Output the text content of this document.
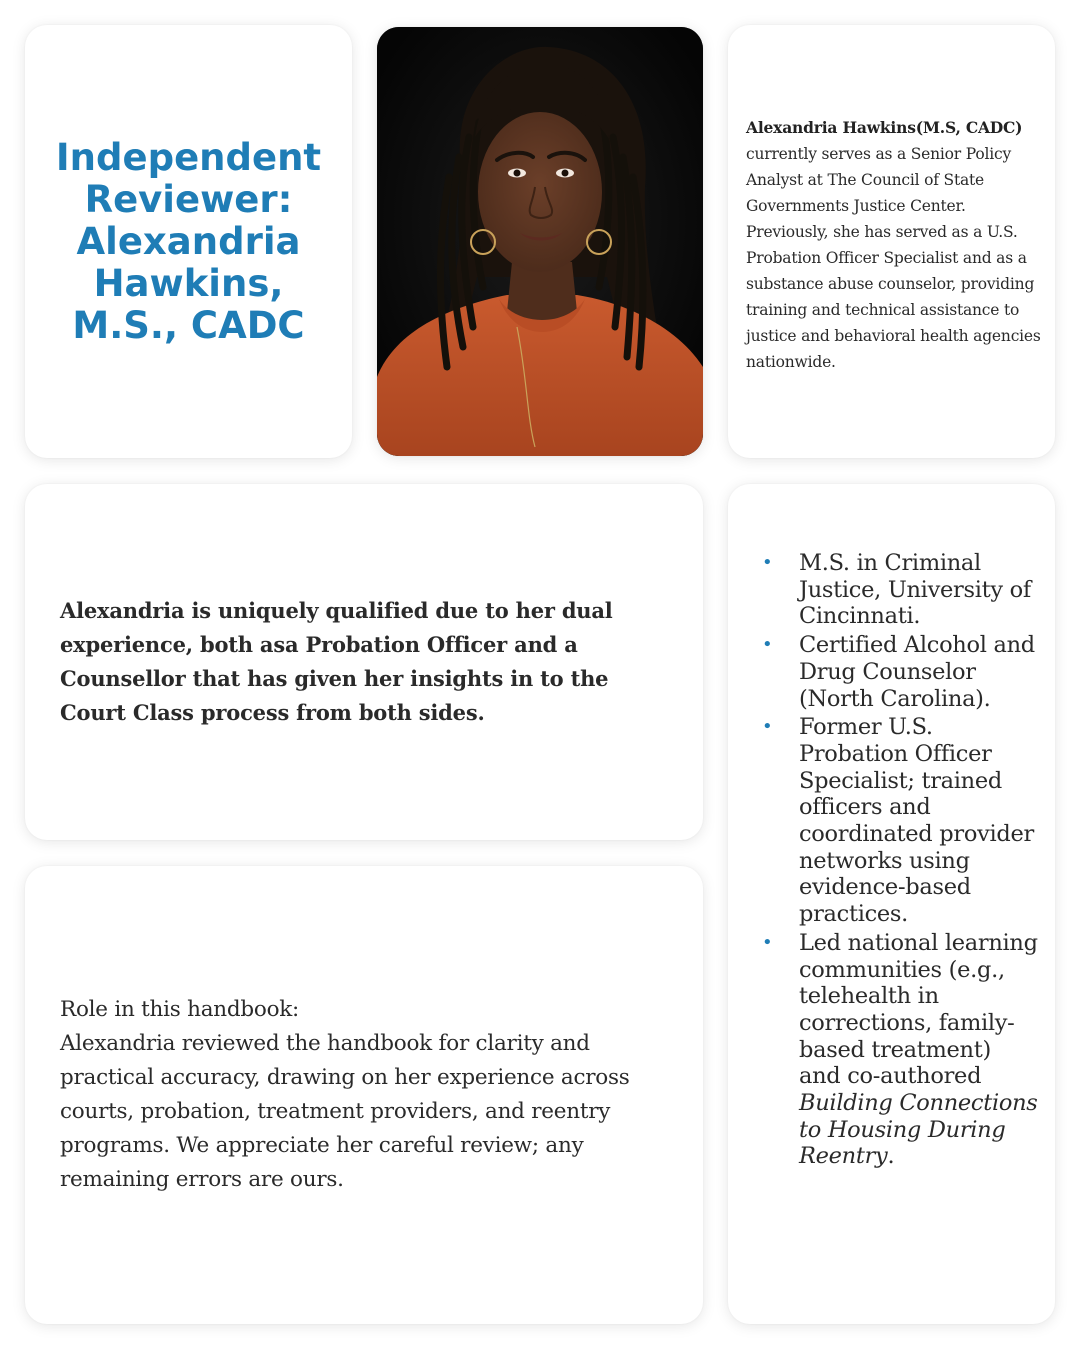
Independent Reviewer: Alexandria Hawkins, M.S., CADC

Alexandria Hawkins(M.S, CADC) currently serves as a Senior Policy Analyst at The Council of State Governments Justice Center. Previously, she has served as a U.S. Probation Officer Specialist and as a substance abuse counselor, providing training and technical assistance to justice and behavioral health agencies nationwide.

Alexandria is uniquely qualified due to her dual experience, both asa Probation Officer and a Counsellor that has given her insights in to the Court Class process from both sides.

Role in this handbook:
Alexandria reviewed the handbook for clarity and practical accuracy, drawing on her experience across courts, probation, treatment providers, and reentry programs. We appreciate her careful review; any remaining errors are ours.

• M.S. in Criminal Justice, University of Cincinnati.
• Certified Alcohol and Drug Counselor (North Carolina).
• Former U.S. Probation Officer Specialist; trained officers and coordinated provider networks using evidence-based practices.
• Led national learning communities (e.g., telehealth in corrections, family-based treatment) and co-authored Building Connections to Housing During Reentry.
